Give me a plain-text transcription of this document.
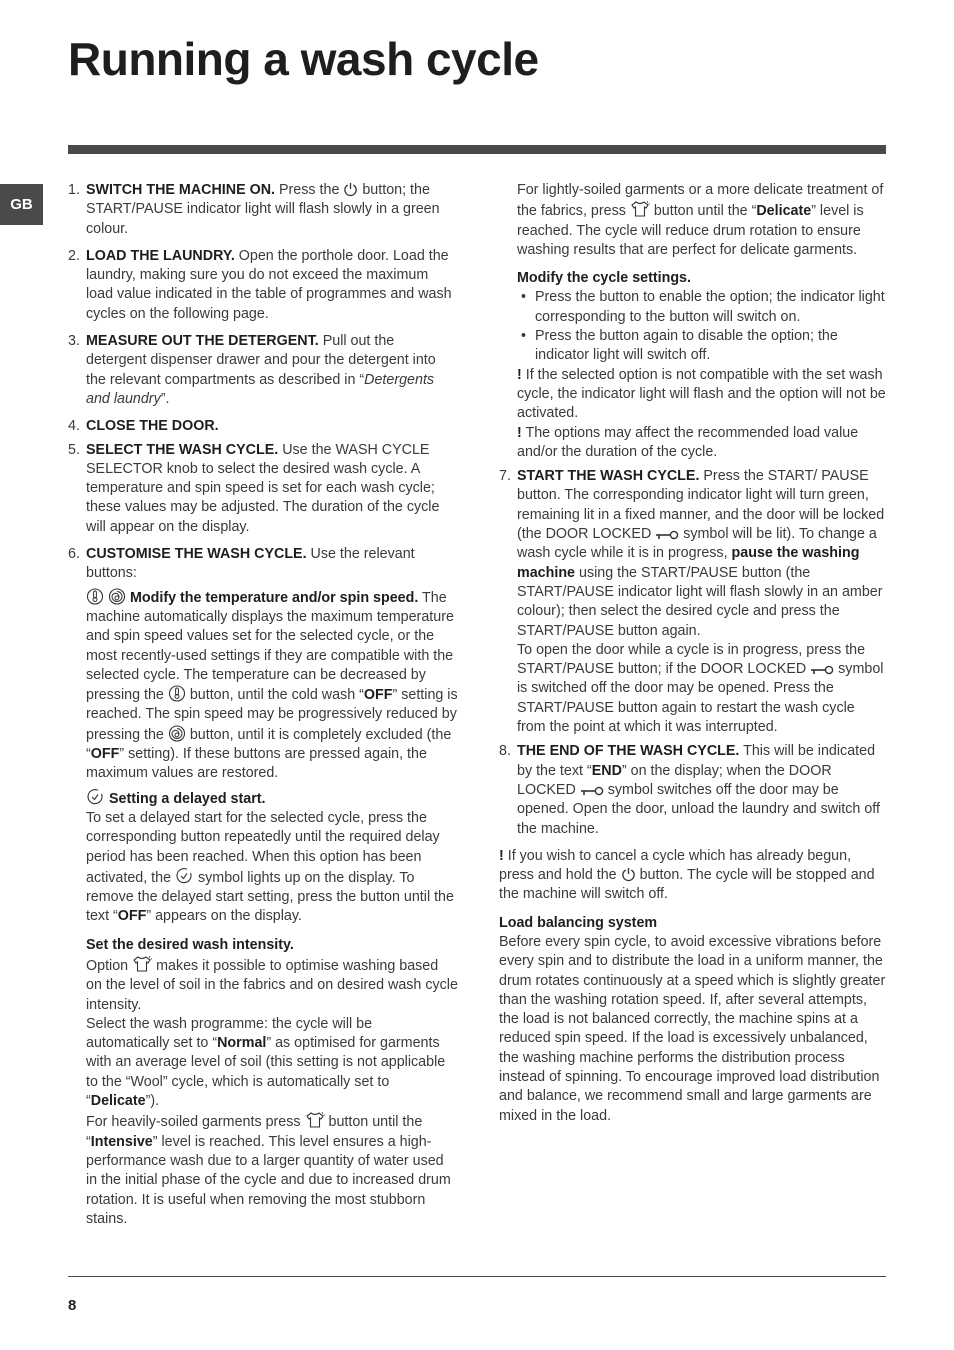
Running a wash cycle
GB
1. SWITCH THE MACHINE ON. Press the
button; the START/PAUSE indicator light will flash slowly in a green colour.
2. LOAD THE LAUNDRY. Open the porthole door. Load the laundry, making sure you do not exceed the maximum load value indicated in the table of programmes and wash cycles on the following page.
3. MEASURE OUT THE DETERGENT. Pull out the detergent dispenser drawer and pour the detergent into the relevant compartments as described in “Detergents and laundry”.
4. CLOSE THE DOOR.
5. SELECT THE WASH CYCLE. Use the WASH CYCLE SELECTOR knob to select the desired wash cycle. A temperature and spin speed is set for each wash cycle; these values may be adjusted. The duration of the cycle will appear on the display.
6. CUSTOMISE THE WASH CYCLE. Use the relevant buttons:

Modify the temperature and/or spin speed. The machine automatically displays the maximum temperature and spin speed values set for the selected cycle, or the most recently-used settings if they are compatible with the selected cycle. The temperature can be decreased by pressing the
button, until the cold wash “OFF” setting is reached. The spin speed may be progressively reduced by pressing the
button, until it is completely excluded (the “OFF” setting). If these buttons are pressed again, the maximum values are restored.
Setting a delayed start.
To set a delayed start for the selected cycle, press the corresponding button repeatedly until the required delay period has been reached. When this option has been activated, the
symbol lights up on the display. To remove the delayed start setting, press the button until the text “OFF” appears on the display.
Set the desired wash intensity.
Option
makes it possible to optimise washing based on the level of soil in the fabrics and on desired wash cycle intensity.
Select the wash programme: the cycle will be automatically set to “Normal” as optimised for garments with an average level of soil (this setting is not applicable to the “Wool” cycle, which is automatically set to “Delicate”).
For heavily-soiled garments press
button until the “Intensive” level is reached. This level ensures a high-performance wash due to a larger quantity of water used in the initial phase of the cycle and due to increased drum rotation. It is useful when removing the most stubborn stains.
For lightly-soiled garments or a more delicate treatment of the fabrics, press
button until the “Delicate” level is reached. The cycle will reduce drum rotation to ensure washing results that are perfect for delicate garments.
Modify the cycle settings.
• Press the button to enable the option; the indicator light corresponding to the button will switch on.
• Press the button again to disable the option; the indicator light will switch off.
! If the selected option is not compatible with the set wash cycle, the indicator light will flash and the option will not be activated.
! The options may affect the recommended load value and/or the duration of the cycle.
7. START THE WASH CYCLE. Press the START/ PAUSE button. The corresponding indicator light will turn green, remaining lit in a fixed manner, and the door will be locked (the DOOR LOCKED
symbol will be lit). To change a wash cycle while it is in progress, pause the washing machine using the START/PAUSE button (the START/PAUSE indicator light will flash slowly in an amber colour); then select the desired cycle and press the START/PAUSE button again.
To open the door while a cycle is in progress, press the START/PAUSE button; if the DOOR LOCKED
symbol is switched off the door may be opened. Press the START/PAUSE button again to restart the wash cycle from the point at which it was interrupted.
8. THE END OF THE WASH CYCLE. This will be indicated by the text “END” on the display; when the DOOR LOCKED
symbol switches off the door may be opened. Open the door, unload the laundry and switch off the machine.
! If you wish to cancel a cycle which has already begun, press and hold the
button. The cycle will be stopped and the machine will switch off.
Load balancing system
Before every spin cycle, to avoid excessive vibrations before every spin and to distribute the load in a uniform manner, the drum rotates continuously at a speed which is slightly greater than the washing rotation speed. If, after several attempts, the load is not balanced correctly, the machine spins at a reduced spin speed. If the load is excessively unbalanced, the washing machine performs the distribution process instead of spinning. To encourage improved load distribution and balance, we recommend small and large garments are mixed in the load.
8
